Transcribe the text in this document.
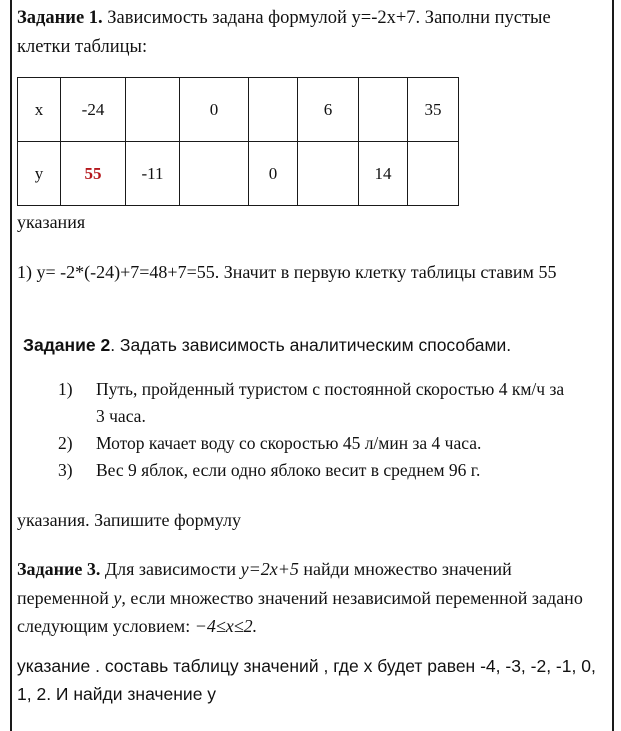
Задание 1. Зависимость задана формулой y=-2x+7. Заполни пустые клетки таблицы:
x	-24		0		6		35
y	55	-11		0		14	
указания
1) y= -2*(-24)+7=48+7=55. Значит в первую клетку таблицы ставим 55
Задание 2. Задать зависимость аналитическим способами.
1) Путь, пройденный туристом с постоянной скоростью 4 км/ч за 3 часа.
2) Мотор качает воду со скоростью 45 л/мин за 4 часа.
3) Вес 9 яблок, если одно яблоко весит в среднем 96 г.
указания. Запишите формулу
Задание 3. Для зависимости y=2x+5 найди множество значений переменной y, если множество значений независимой переменной задано следующим условием: −4≤x≤2.
указание . составь таблицу значений , где х будет равен -4, -3, -2, -1, 0, 1, 2. И найди значение у
